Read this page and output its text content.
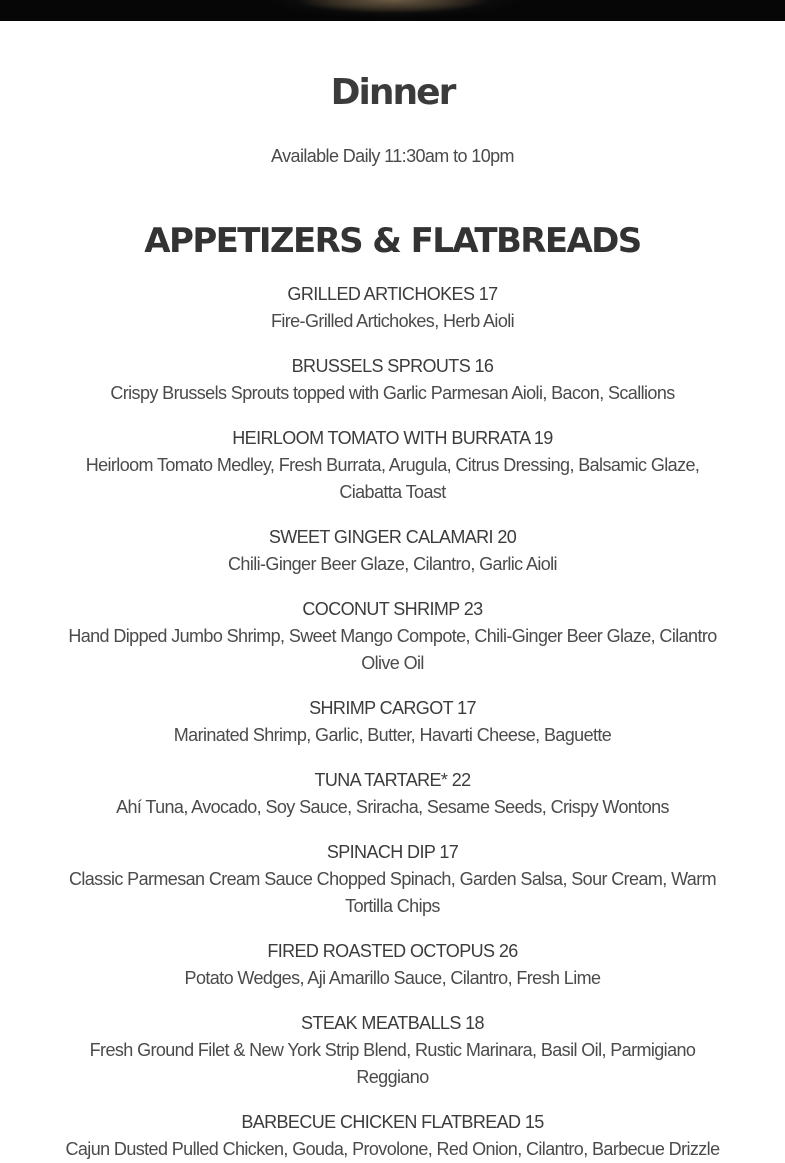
Dinner

Available Daily 11:30am to 10pm

APPETIZERS & FLATBREADS
GRILLED ARTICHOKES 17
Fire-Grilled Artichokes, Herb Aioli
BRUSSELS SPROUTS 16
Crispy Brussels Sprouts topped with Garlic Parmesan Aioli, Bacon, Scallions
HEIRLOOM TOMATO WITH BURRATA 19
Heirloom Tomato Medley, Fresh Burrata, Arugula, Citrus Dressing, Balsamic Glaze, Ciabatta Toast
SWEET GINGER CALAMARI 20
Chili-Ginger Beer Glaze, Cilantro, Garlic Aioli
COCONUT SHRIMP 23
Hand Dipped Jumbo Shrimp, Sweet Mango Compote, Chili-Ginger Beer Glaze, Cilantro Olive Oil
SHRIMP CARGOT 17
Marinated Shrimp, Garlic, Butter, Havarti Cheese, Baguette
TUNA TARTARE* 22
Ahí Tuna, Avocado, Soy Sauce, Sriracha, Sesame Seeds, Crispy Wontons
SPINACH DIP 17
Classic Parmesan Cream Sauce Chopped Spinach, Garden Salsa, Sour Cream, Warm Tortilla Chips
FIRED ROASTED OCTOPUS 26
Potato Wedges, Aji Amarillo Sauce, Cilantro, Fresh Lime
STEAK MEATBALLS 18
Fresh Ground Filet & New York Strip Blend, Rustic Marinara, Basil Oil, Parmigiano Reggiano
BARBECUE CHICKEN FLATBREAD 15
Cajun Dusted Pulled Chicken, Gouda, Provolone, Red Onion, Cilantro, Barbecue Drizzle
